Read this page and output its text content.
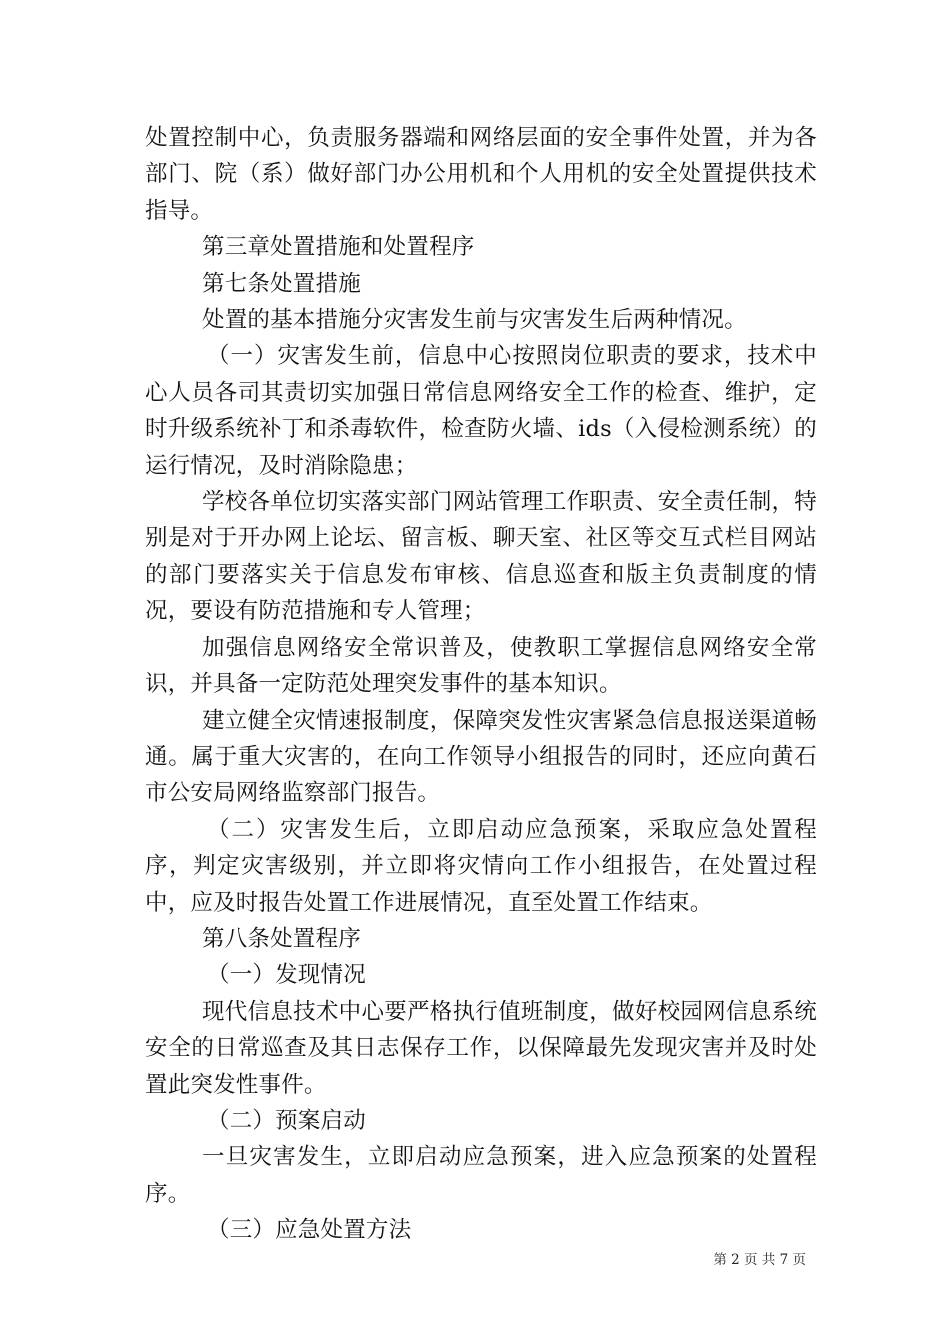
处置控制中心，负责服务器端和网络层面的安全事件处置，并为各部门、院（系）做好部门办公用机和个人用机的安全处置提供技术指导。

第三章处置措施和处置程序

第七条处置措施

处置的基本措施分灾害发生前与灾害发生后两种情况。

（一）灾害发生前，信息中心按照岗位职责的要求，技术中心人员各司其责切实加强日常信息网络安全工作的检查、维护，定时升级系统补丁和杀毒软件，检查防火墙、ids（入侵检测系统）的运行情况，及时消除隐患；

学校各单位切实落实部门网站管理工作职责、安全责任制，特别是对于开办网上论坛、留言板、聊天室、社区等交互式栏目网站的部门要落实关于信息发布审核、信息巡查和版主负责制度的情况，要设有防范措施和专人管理；

加强信息网络安全常识普及，使教职工掌握信息网络安全常识，并具备一定防范处理突发事件的基本知识。

建立健全灾情速报制度，保障突发性灾害紧急信息报送渠道畅通。属于重大灾害的，在向工作领导小组报告的同时，还应向黄石市公安局网络监察部门报告。

（二）灾害发生后，立即启动应急预案，采取应急处置程序，判定灾害级别，并立即将灾情向工作小组报告，在处置过程中，应及时报告处置工作进展情况，直至处置工作结束。

第八条处置程序

（一）发现情况

现代信息技术中心要严格执行值班制度，做好校园网信息系统安全的日常巡查及其日志保存工作，以保障最先发现灾害并及时处置此突发性事件。

（二）预案启动

一旦灾害发生，立即启动应急预案，进入应急预案的处置程序。

（三）应急处置方法

第 2 页 共 7 页
